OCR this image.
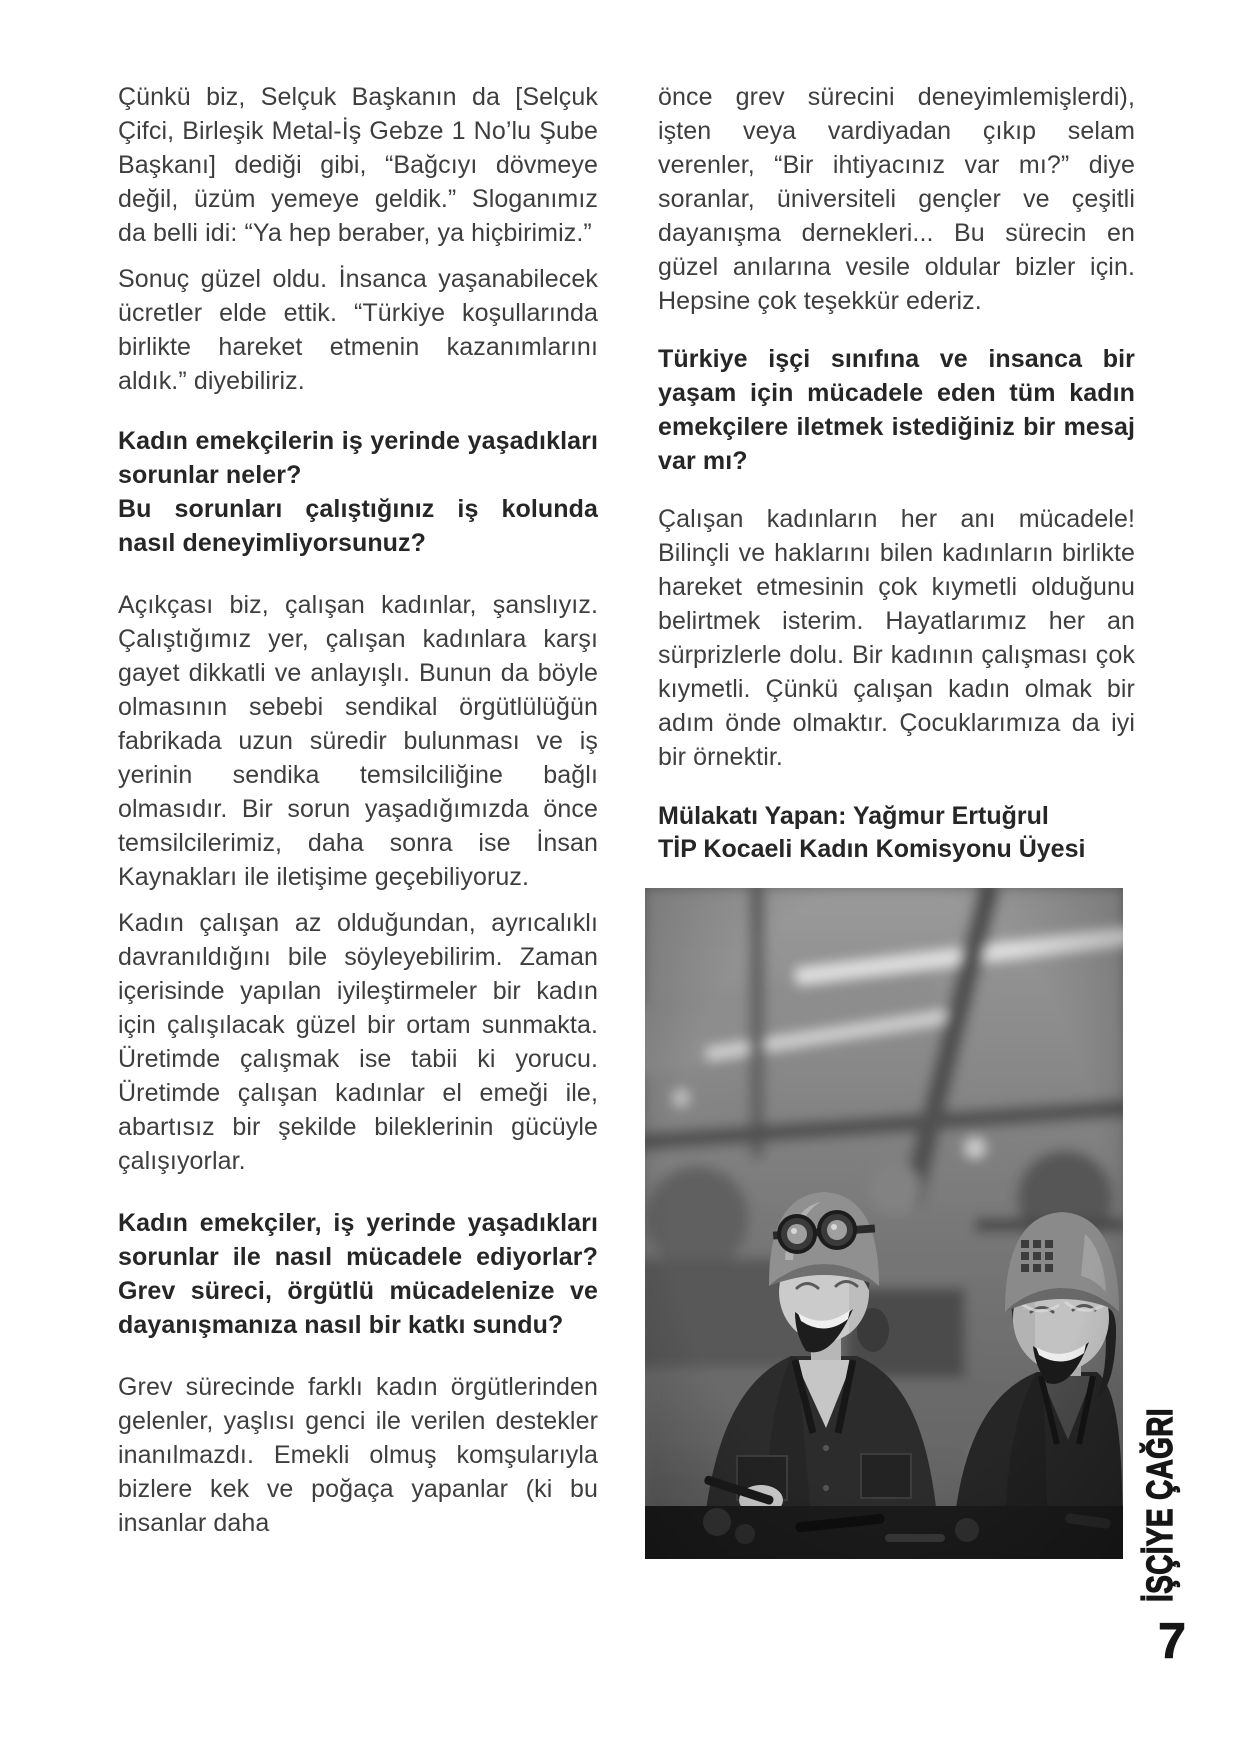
Çünkü biz, Selçuk Başkanın da [Selçuk Çifci, Birleşik Metal-İş Gebze 1 No’lu Şube Başkanı] dediği gibi, “Bağcıyı dövmeye değil, üzüm yemeye geldik.” Sloganımız da belli idi: “Ya hep beraber, ya hiçbirimiz.”

Sonuç güzel oldu. İnsanca yaşanabilecek ücretler elde ettik. “Türkiye koşullarında birlikte hareket etmenin kazanımlarını aldık.” diyebiliriz.

Kadın emekçilerin iş yerinde yaşadıkları sorunlar neler?
Bu sorunları çalıştığınız iş kolunda nasıl deneyimliyorsunuz?

Açıkçası biz, çalışan kadınlar, şanslıyız. Çalıştığımız yer, çalışan kadınlara karşı gayet dikkatli ve anlayışlı. Bunun da böyle olmasının sebebi sendikal örgütlülüğün fabrikada uzun süredir bulunması ve iş yerinin sendika temsilciliğine bağlı olmasıdır. Bir sorun yaşadığımızda önce temsilcilerimiz, daha sonra ise İnsan Kaynakları ile iletişime geçebiliyoruz.

Kadın çalışan az olduğundan, ayrıcalıklı davranıldığını bile söyleyebilirim. Zaman içerisinde yapılan iyileştirmeler bir kadın için çalışılacak güzel bir ortam sunmakta. Üretimde çalışmak ise tabii ki yorucu. Üretimde çalışan kadınlar el emeği ile, abartısız bir şekilde bileklerinin gücüyle çalışıyorlar.

Kadın emekçiler, iş yerinde yaşadıkları sorunlar ile nasıl mücadele ediyorlar? Grev süreci, örgütlü mücadelenize ve dayanışmanıza nasıl bir katkı sundu?

Grev sürecinde farklı kadın örgütlerinden gelenler, yaşlısı genci ile verilen destekler inanılmazdı. Emekli olmuş komşularıyla bizlere kek ve poğaça yapanlar (ki bu insanlar daha

önce grev sürecini deneyimlemişlerdi), işten veya vardiyadan çıkıp selam verenler, “Bir ihtiyacınız var mı?” diye soranlar, üniversiteli gençler ve çeşitli dayanışma dernekleri... Bu sürecin en güzel anılarına vesile oldular bizler için. Hepsine çok teşekkür ederiz.

Türkiye işçi sınıfına ve insanca bir yaşam için mücadele eden tüm kadın emekçilere iletmek istediğiniz bir mesaj var mı?

Çalışan kadınların her anı mücadele! Bilinçli ve haklarını bilen kadınların birlikte hareket etmesinin çok kıymetli olduğunu belirtmek isterim. Hayatlarımız her an sürprizlerle dolu. Bir kadının çalışması çok kıymetli. Çünkü çalışan kadın olmak bir adım önde olmaktır. Çocuklarımıza da iyi bir örnektir.

Mülakatı Yapan: Yağmur Ertuğrul
TİP Kocaeli Kadın Komisyonu Üyesi
İŞÇİYE ÇAĞRI
7
